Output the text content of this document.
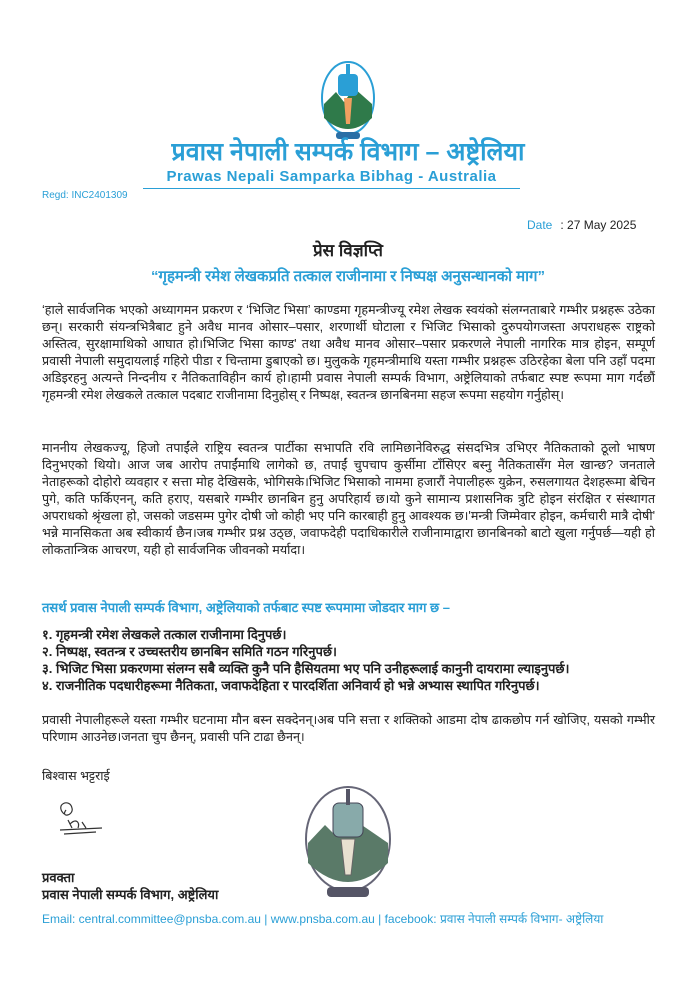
प्रवास नेपाली सम्पर्क विभाग – अष्ट्रेलिया
Prawas Nepali Samparka Bibhag - Australia
Regd: INC2401309
Date : 27 May 2025
प्रेस विज्ञप्ति
“गृहमन्त्री रमेश लेखकप्रति तत्काल राजीनामा र निष्पक्ष अनुसन्धानको माग”
‘हाले सार्वजनिक भएको अध्यागमन प्रकरण र ‘भिजिट भिसा’ काण्डमा गृहमन्त्रीज्यू रमेश लेखक स्वयंको संलग्नताबारे गम्भीर प्रश्नहरू उठेका छन्। सरकारी संयन्त्रभित्रैबाट हुने अवैध मानव ओसार–पसार, शरणार्थी घोटाला र भिजिट भिसाको दुरुपयोगजस्ता अपराधहरू राष्ट्रको अस्तित्व, सुरक्षामाथिको आघात हो।भिजिट भिसा काण्ड' तथा अवैध मानव ओसार–पसार प्रकरणले नेपाली नागरिक मात्र होइन, सम्पूर्ण प्रवासी नेपाली समुदायलाई गहिरो पीडा र चिन्तामा डुबाएको छ। मुलुकके गृहमन्त्रीमाथि यस्ता गम्भीर प्रश्नहरू उठिरहेका बेला पनि उहाँ पदमा अडिइरहनु अत्यन्ते निन्दनीय र नैतिकताविहीन कार्य हो।हामी प्रवास नेपाली सम्पर्क विभाग, अष्ट्रेलियाको तर्फबाट स्पष्ट रूपमा माग गर्दछौं गृहमन्त्री रमेश लेखकले तत्काल पदबाट राजीनामा दिनुहोस् र निष्पक्ष, स्वतन्त्र छानबिनमा सहज रूपमा सहयोग गर्नुहोस्।
माननीय लेखकज्यू, हिजो तपाईंले राष्ट्रिय स्वतन्त्र पार्टीका सभापति रवि लामिछानेविरुद्ध संसदभित्र उभिएर नैतिकताको ठूलो भाषण दिनुभएको थियो। आज जब आरोप तपाईंमाथि लागेको छ, तपाईं चुपचाप कुर्सीमा टाँसिएर बस्नु नैतिकतासँग मेल खान्छ? जनताले नेताहरूको दोहोरो व्यवहार र सत्ता मोह देखिसके, भोगिसके।भिजिट भिसाको नाममा हजारौं नेपालीहरू युक्रेन, रुसलगायत देशहरूमा बेचिन पुगे, कति फर्किएनन्, कति हराए, यसबारे गम्भीर छानबिन हुनु अपरिहार्य छ।यो कुने सामान्य प्रशासनिक त्रुटि होइन संरक्षित र संस्थागत अपराधको श्रृंखला हो, जसको जडसम्म पुगेर दोषी जो कोही भए पनि कारबाही हुनु आवश्यक छ।'मन्त्री जिम्मेवार होइन, कर्मचारी मात्रै दोषी' भन्ने मानसिकता अब स्वीकार्य छैन।जब गम्भीर प्रश्न उठ्छ, जवाफदेही पदाधिकारीले राजीनामाद्वारा छानबिनको बाटो खुला गर्नुपर्छ—यही हो लोकतान्त्रिक आचरण, यही हो सार्वजनिक जीवनको मर्यादा।
तसर्थ प्रवास नेपाली सम्पर्क विभाग, अष्ट्रेलियाको तर्फबाट स्पष्ट रूपमामा जोडदार माग छ –
१. गृहमन्त्री रमेश लेखकले तत्काल राजीनामा दिनुपर्छ।
२. निष्पक्ष, स्वतन्त्र र उच्चस्तरीय छानबिन समिति गठन गरिनुपर्छ।
३. भिजिट भिसा प्रकरणमा संलग्न सबै व्यक्ति कुनै पनि हैसियतमा भए पनि उनीहरूलाई कानुनी दायरामा ल्याइनुपर्छ।
४. राजनीतिक पदधारीहरूमा नैतिकता, जवाफदेहिता र पारदर्शिता अनिवार्य हो भन्ने अभ्यास स्थापित गरिनुपर्छ।
प्रवासी नेपालीहरूले यस्ता गम्भीर घटनामा मौन बस्न सक्देनन्।अब पनि सत्ता र शक्तिको आडमा दोष ढाकछोप गर्न खोजिए, यसको गम्भीर परिणाम आउनेछ।जनता चुप छैनन्, प्रवासी पनि टाढा छैनन्।
बिश्वास भट्टराई
प्रवक्ता
प्रवास नेपाली सम्पर्क विभाग, अष्ट्रेलिया
Email: central.committee@pnsba.com.au | www.pnsba.com.au | facebook: प्रवास नेपाली सम्पर्क विभाग- अष्ट्रेलिया
